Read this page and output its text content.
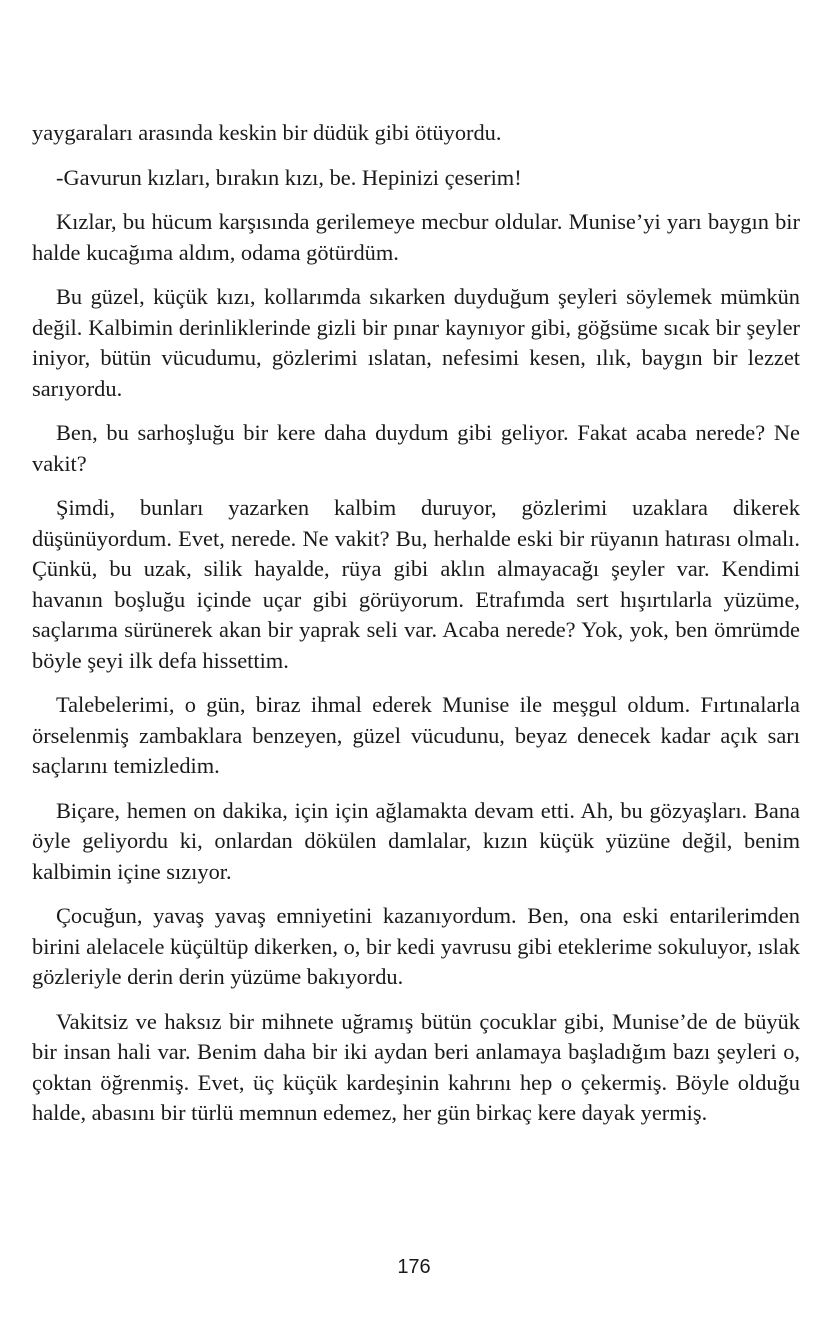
yaygaraları arasında keskin bir düdük gibi ötüyordu.

-Gavurun kızları, bırakın kızı, be. Hepinizi çeserim!

Kızlar, bu hücum karşısında gerilemeye mecbur oldular. Munise’yi yarı baygın bir halde kucağıma aldım, odama götürdüm.

Bu güzel, küçük kızı, kollarımda sıkarken duyduğum şeyleri söylemek mümkün değil. Kalbimin derinliklerinde gizli bir pınar kaynıyor gibi, göğsüme sıcak bir şeyler iniyor, bütün vücudumu, gözlerimi ıslatan, nefesimi kesen, ılık, baygın bir lezzet sarıyordu.

Ben, bu sarhoşluğu bir kere daha duydum gibi geliyor. Fakat acaba nerede? Ne vakit?

Şimdi, bunları yazarken kalbim duruyor, gözlerimi uzaklara dikerek düşünüyordum. Evet, nerede. Ne vakit? Bu, herhalde eski bir rüyanın hatırası olmalı. Çünkü, bu uzak, silik hayalde, rüya gibi aklın almayacağı şeyler var. Kendimi havanın boşluğu içinde uçar gibi görüyorum. Etrafımda sert hışırtılarla yüzüme, saçlarıma sürünerek akan bir yaprak seli var. Acaba nerede? Yok, yok, ben ömrümde böyle şeyi ilk defa hissettim.

Talebelerimi, o gün, biraz ihmal ederek Munise ile meşgul oldum. Fırtınalarla örselenmiş zambaklara benzeyen, güzel vücudunu, beyaz denecek kadar açık sarı saçlarını temizledim.

Biçare, hemen on dakika, için için ağlamakta devam etti. Ah, bu gözyaşları. Bana öyle geliyordu ki, onlardan dökülen damlalar, kızın küçük yüzüne değil, benim kalbimin içine sızıyor.

Çocuğun, yavaş yavaş emniyetini kazanıyordum. Ben, ona eski entarilerimden birini alelacele küçültüp dikerken, o, bir kedi yavrusu gibi eteklerime sokuluyor, ıslak gözleriyle derin derin yüzüme bakıyordu.

Vakitsiz ve haksız bir mihnete uğramış bütün çocuklar gibi, Munise’de de büyük bir insan hali var. Benim daha bir iki aydan beri anlamaya başladığım bazı şeyleri o, çoktan öğrenmiş. Evet, üç küçük kardeşinin kahrını hep o çekermiş. Böyle olduğu halde, abasını bir türlü memnun edemez, her gün birkaç kere dayak yermiş.

176
